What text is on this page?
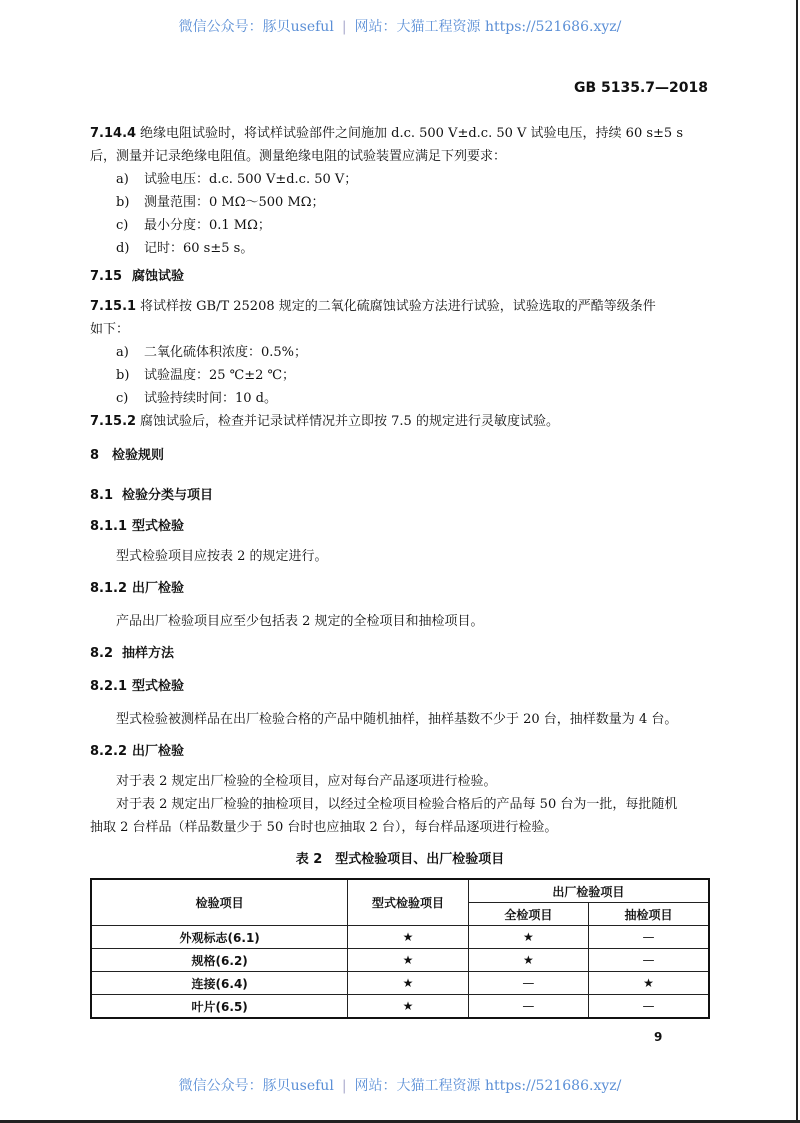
微信公众号：豚贝useful | 网站：大猫工程资源 https://521686.xyz/
GB 5135.7—2018
7.14.4 绝缘电阻试验时，将试样试验部件之间施加 d.c. 500 V±d.c. 50 V 试验电压，持续 60 s±5 s
后，测量并记录绝缘电阻值。测量绝缘电阻的试验装置应满足下列要求：
a) 试验电压：d.c. 500 V±d.c. 50 V；
b) 测量范围：0 MΩ～500 MΩ；
c) 最小分度：0.1 MΩ；
d) 记时：60 s±5 s。
7.15 腐蚀试验
7.15.1 将试样按 GB/T 25208 规定的二氧化硫腐蚀试验方法进行试验，试验选取的严酷等级条件
如下：
a) 二氧化硫体积浓度：0.5%；
b) 试验温度：25 ℃±2 ℃；
c) 试验持续时间：10 d。
7.15.2 腐蚀试验后，检查并记录试样情况并立即按 7.5 的规定进行灵敏度试验。
8 检验规则
8.1 检验分类与项目
8.1.1 型式检验
型式检验项目应按表 2 的规定进行。
8.1.2 出厂检验
产品出厂检验项目应至少包括表 2 规定的全检项目和抽检项目。
8.2 抽样方法
8.2.1 型式检验
型式检验被测样品在出厂检验合格的产品中随机抽样，抽样基数不少于 20 台，抽样数量为 4 台。
8.2.2 出厂检验
对于表 2 规定出厂检验的全检项目，应对每台产品逐项进行检验。
对于表 2 规定出厂检验的抽检项目，以经过全检项目检验合格后的产品每 50 台为一批，每批随机
抽取 2 台样品（样品数量少于 50 台时也应抽取 2 台），每台样品逐项进行检验。
表 2　型式检验项目、出厂检验项目
检验项目	型式检验项目	出厂检验项目	
		全检项目	抽检项目
外观标志(6.1)	★	★	—
规格(6.2)	★	★	—
连接(6.4)	★	—	★
叶片(6.5)	★	—	—
9
微信公众号：豚贝useful | 网站：大猫工程资源 https://521686.xyz/
